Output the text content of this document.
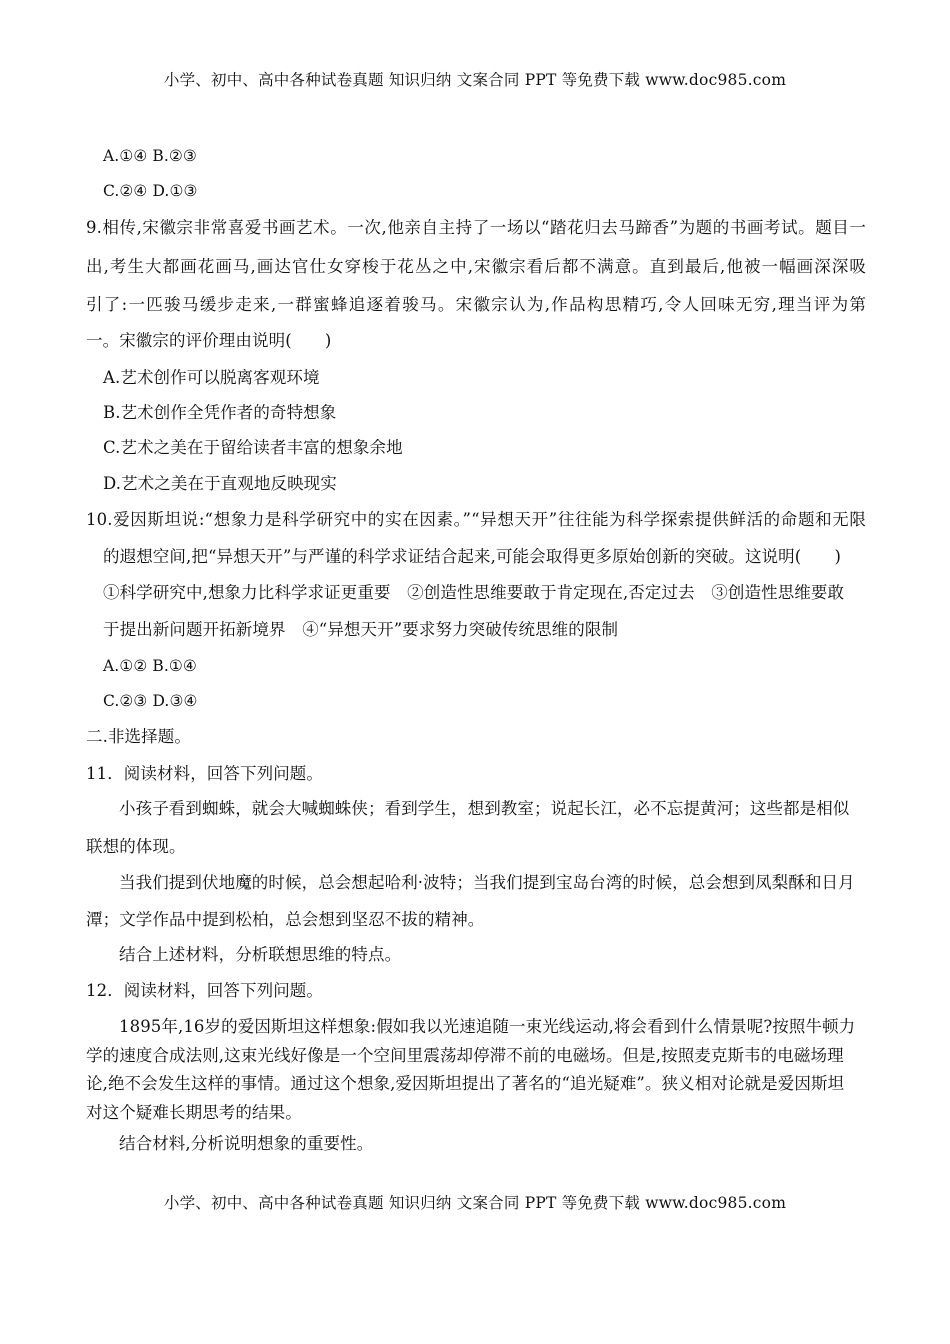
小学、初中、高中各种试卷真题 知识归纳 文案合同 PPT 等免费下载 www.doc985.com
A.①④ B.②③
C.②④ D.①③
9.相传,宋徽宗非常喜爱书画艺术。一次,他亲自主持了一场以“踏花归去马蹄香”为题的书画考试。题目一
出,考生大都画花画马,画达官仕女穿梭于花丛之中,宋徽宗看后都不满意。直到最后,他被一幅画深深吸
引了:一匹骏马缓步走来,一群蜜蜂追逐着骏马。宋徽宗认为,作品构思精巧,令人回味无穷,理当评为第
一。宋徽宗的评价理由说明(　　)
A.艺术创作可以脱离客观环境
B.艺术创作全凭作者的奇特想象
C.艺术之美在于留给读者丰富的想象余地
D.艺术之美在于直观地反映现实
10.爱因斯坦说:“想象力是科学研究中的实在因素。”“异想天开”往往能为科学探索提供鲜活的命题和无限
的遐想空间,把“异想天开”与严谨的科学求证结合起来,可能会取得更多原始创新的突破。这说明(　　)
①科学研究中,想象力比科学求证更重要　②创造性思维要敢于肯定现在,否定过去　③创造性思维要敢
于提出新问题开拓新境界　④“异想天开”要求努力突破传统思维的限制
A.①② B.①④
C.②③ D.③④
二.非选择题。
11．阅读材料，回答下列问题。
小孩子看到蜘蛛，就会大喊蜘蛛侠；看到学生，想到教室；说起长江，必不忘提黄河；这些都是相似
联想的体现。
当我们提到伏地魔的时候，总会想起哈利·波特；当我们提到宝岛台湾的时候，总会想到凤梨酥和日月
潭；文学作品中提到松柏，总会想到坚忍不拔的精神。
结合上述材料，分析联想思维的特点。
12．阅读材料，回答下列问题。
1895年,16岁的爱因斯坦这样想象:假如我以光速追随一束光线运动,将会看到什么情景呢?按照牛顿力
学的速度合成法则,这束光线好像是一个空间里震荡却停滞不前的电磁场。但是,按照麦克斯韦的电磁场理
论,绝不会发生这样的事情。通过这个想象,爱因斯坦提出了著名的“追光疑难”。狭义相对论就是爱因斯坦
对这个疑难长期思考的结果。
结合材料,分析说明想象的重要性。
小学、初中、高中各种试卷真题 知识归纳 文案合同 PPT 等免费下载 www.doc985.com
